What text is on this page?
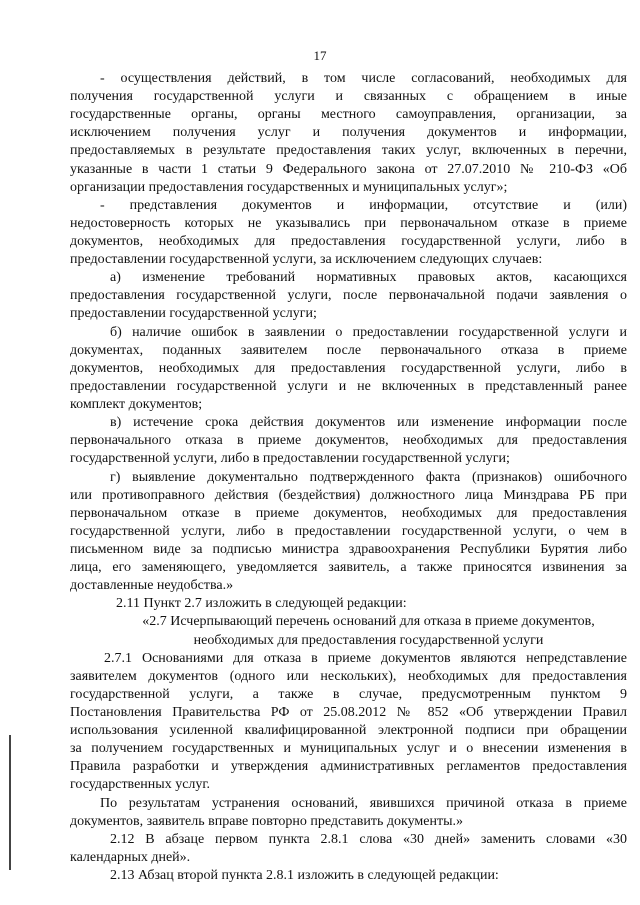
17
- осуществления действий, в том числе согласований, необходимых для
получения государственной услуги и связанных с обращением в иные
государственные органы, органы местного самоуправления, организации, за
исключением получения услуг и получения документов и информации,
предоставляемых в результате предоставления таких услуг, включенных в перечни,
указанные в части 1 статьи 9 Федерального закона от 27.07.2010 № 210-ФЗ «Об
организации предоставления государственных и муниципальных услуг»;
- представления документов и информации, отсутствие и (или)
недостоверность которых не указывались при первоначальном отказе в приеме
документов, необходимых для предоставления государственной услуги, либо в
предоставлении государственной услуги, за исключением следующих случаев:
а) изменение требований нормативных правовых актов, касающихся
предоставления государственной услуги, после первоначальной подачи заявления о
предоставлении государственной услуги;
б) наличие ошибок в заявлении о предоставлении государственной услуги и
документах, поданных заявителем после первоначального отказа в приеме
документов, необходимых для предоставления государственной услуги, либо в
предоставлении государственной услуги и не включенных в представленный ранее
комплект документов;
в) истечение срока действия документов или изменение информации после
первоначального отказа в приеме документов, необходимых для предоставления
государственной услуги, либо в предоставлении государственной услуги;
г) выявление документально подтвержденного факта (признаков) ошибочного
или противоправного действия (бездействия) должностного лица Минздрава РБ при
первоначальном отказе в приеме документов, необходимых для предоставления
государственной услуги, либо в предоставлении государственной услуги, о чем в
письменном виде за подписью министра здравоохранения Республики Бурятия либо
лица, его заменяющего, уведомляется заявитель, а также приносятся извинения за
доставленные неудобства.»
2.11 Пункт 2.7 изложить в следующей редакции:
«2.7 Исчерпывающий перечень оснований для отказа в приеме документов,
необходимых для предоставления государственной услуги
2.7.1 Основаниями для отказа в приеме документов являются непредставление
заявителем документов (одного или нескольких), необходимых для предоставления
государственной услуги, а также в случае, предусмотренным пунктом 9
Постановления Правительства РФ от 25.08.2012 № 852 «Об утверждении Правил
использования усиленной квалифицированной электронной подписи при обращении
за получением государственных и муниципальных услуг и о внесении изменения в
Правила разработки и утверждения административных регламентов предоставления
государственных услуг.
По результатам устранения оснований, явившихся причиной отказа в приеме
документов, заявитель вправе повторно представить документы.»
2.12 В абзаце первом пункта 2.8.1 слова «30 дней» заменить словами «30
календарных дней».
2.13 Абзац второй пункта 2.8.1 изложить в следующей редакции:
